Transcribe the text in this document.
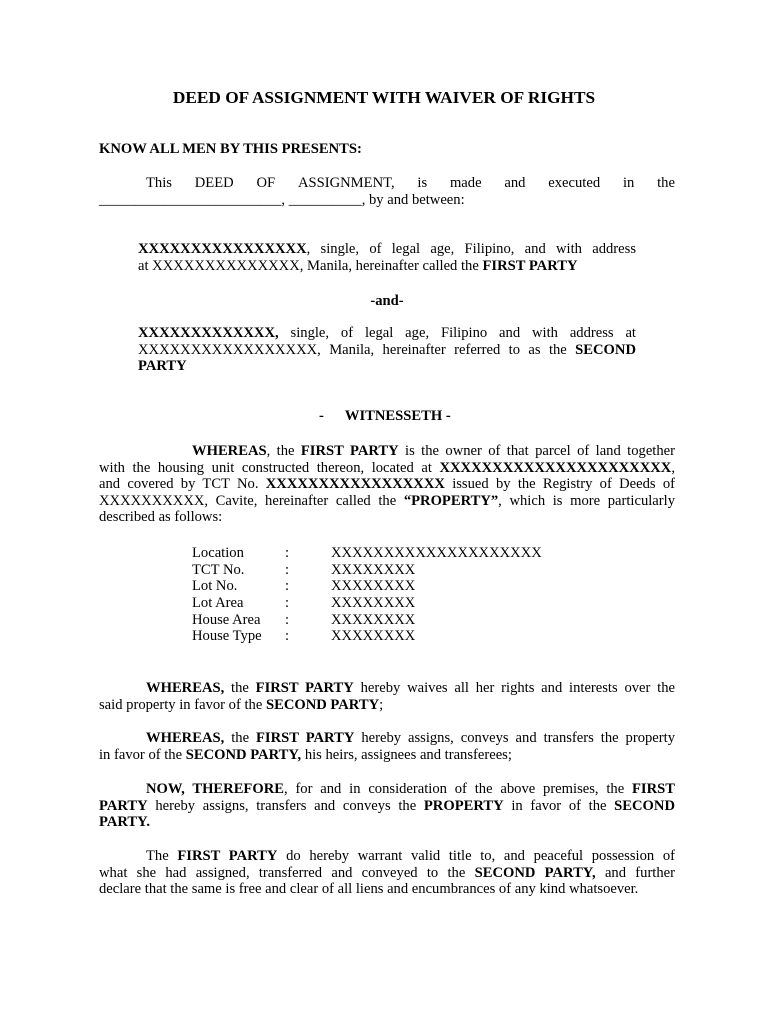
DEED OF ASSIGNMENT WITH WAIVER OF RIGHTS
KNOW ALL MEN BY THIS PRESENTS:
This DEED OF ASSIGNMENT, is made and executed in the
_________________________, __________, by and between:
XXXXXXXXXXXXXXXX, single, of legal age, Filipino, and with address
at XXXXXXXXXXXXXX, Manila, hereinafter called the FIRST PARTY
-and-
XXXXXXXXXXXXX, single, of legal age, Filipino and with address at
XXXXXXXXXXXXXXXXX, Manila, hereinafter referred to as the SECOND
PARTY
- WITNESSETH -
WHEREAS, the FIRST PARTY is the owner of that parcel of land together
with the housing unit constructed thereon, located at XXXXXXXXXXXXXXXXXXXXXX,
and covered by TCT No. XXXXXXXXXXXXXXXXX issued by the Registry of Deeds of
XXXXXXXXXX, Cavite, hereinafter called the “PROPERTY”, which is more particularly
described as follows:
Location	:	XXXXXXXXXXXXXXXXXXXX
TCT No.	:	XXXXXXXX
Lot No.	:	XXXXXXXX
Lot Area	:	XXXXXXXX
House Area :	XXXXXXXX
House Type :	XXXXXXXX
WHEREAS, the FIRST PARTY hereby waives all her rights and interests over the
said property in favor of the SECOND PARTY;
WHEREAS, the FIRST PARTY hereby assigns, conveys and transfers the property
in favor of the SECOND PARTY, his heirs, assignees and transferees;
NOW, THEREFORE, for and in consideration of the above premises, the FIRST
PARTY hereby assigns, transfers and conveys the PROPERTY in favor of the SECOND
PARTY.
The FIRST PARTY do hereby warrant valid title to, and peaceful possession of
what she had assigned, transferred and conveyed to the SECOND PARTY, and further
declare that the same is free and clear of all liens and encumbrances of any kind whatsoever.
